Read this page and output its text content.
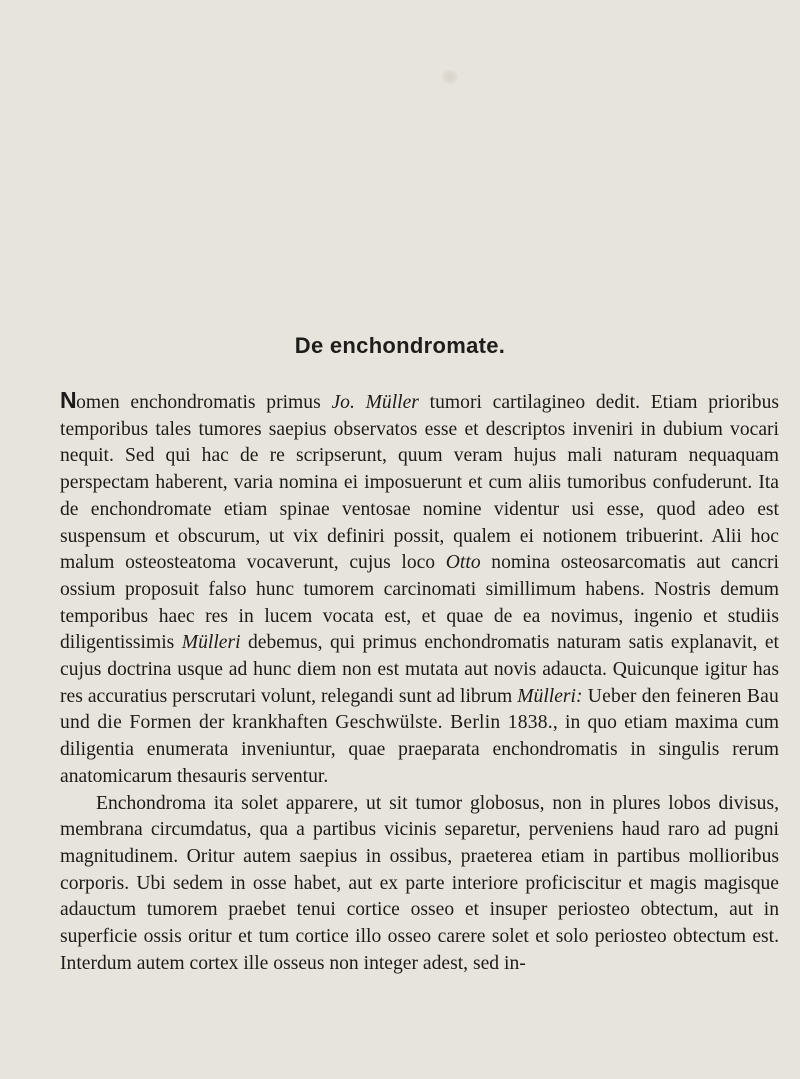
De enchondromate.

Nomen enchondromatis primus Jo. Müller tumori cartilagineo dedit. Etiam prioribus temporibus tales tumores saepius observatos esse et descriptos inveniri in dubium vocari nequit. Sed qui hac de re scripserunt, quum veram hujus mali naturam nequaquam perspectam haberent, varia nomina ei imposuerunt et cum aliis tumoribus confuderunt. Ita de enchondromate etiam spinae ventosae nomine videntur usi esse, quod adeo est suspensum et obscurum, ut vix definiri possit, qualem ei notionem tribuerint. Alii hoc malum osteosteatoma vocaverunt, cujus loco Otto nomina osteosarcomatis aut cancri ossium proposuit falso hunc tumorem carcinomati simillimum habens. Nostris demum temporibus haec res in lucem vocata est, et quae de ea novimus, ingenio et studiis diligentissimis Mülleri debemus, qui primus enchondromatis naturam satis explanavit, et cujus doctrina usque ad hunc diem non est mutata aut novis adaucta. Quicunque igitur has res accuratius perscrutari volunt, relegandi sunt ad librum Mülleri: Ueber den feineren Bau und die Formen der krankhaften Geschwülste. Berlin 1838., in quo etiam maxima cum diligentia enumerata inveniuntur, quae praeparata enchondromatis in singulis rerum anatomicarum thesauris serventur.

Enchondroma ita solet apparere, ut sit tumor globosus, non in plures lobos divisus, membrana circumdatus, qua a partibus vicinis separetur, perveniens haud raro ad pugni magnitudinem. Oritur autem saepius in ossibus, praeterea etiam in partibus mollioribus corporis. Ubi sedem in osse habet, aut ex parte interiore proficiscitur et magis magisque adauctum tumorem praebet tenui cortice osseo et insuper periosteo obtectum, aut in superficie ossis oritur et tum cortice illo osseo carere solet et solo periosteo obtectum est. Interdum autem cortex ille osseus non integer adest, sed in-
